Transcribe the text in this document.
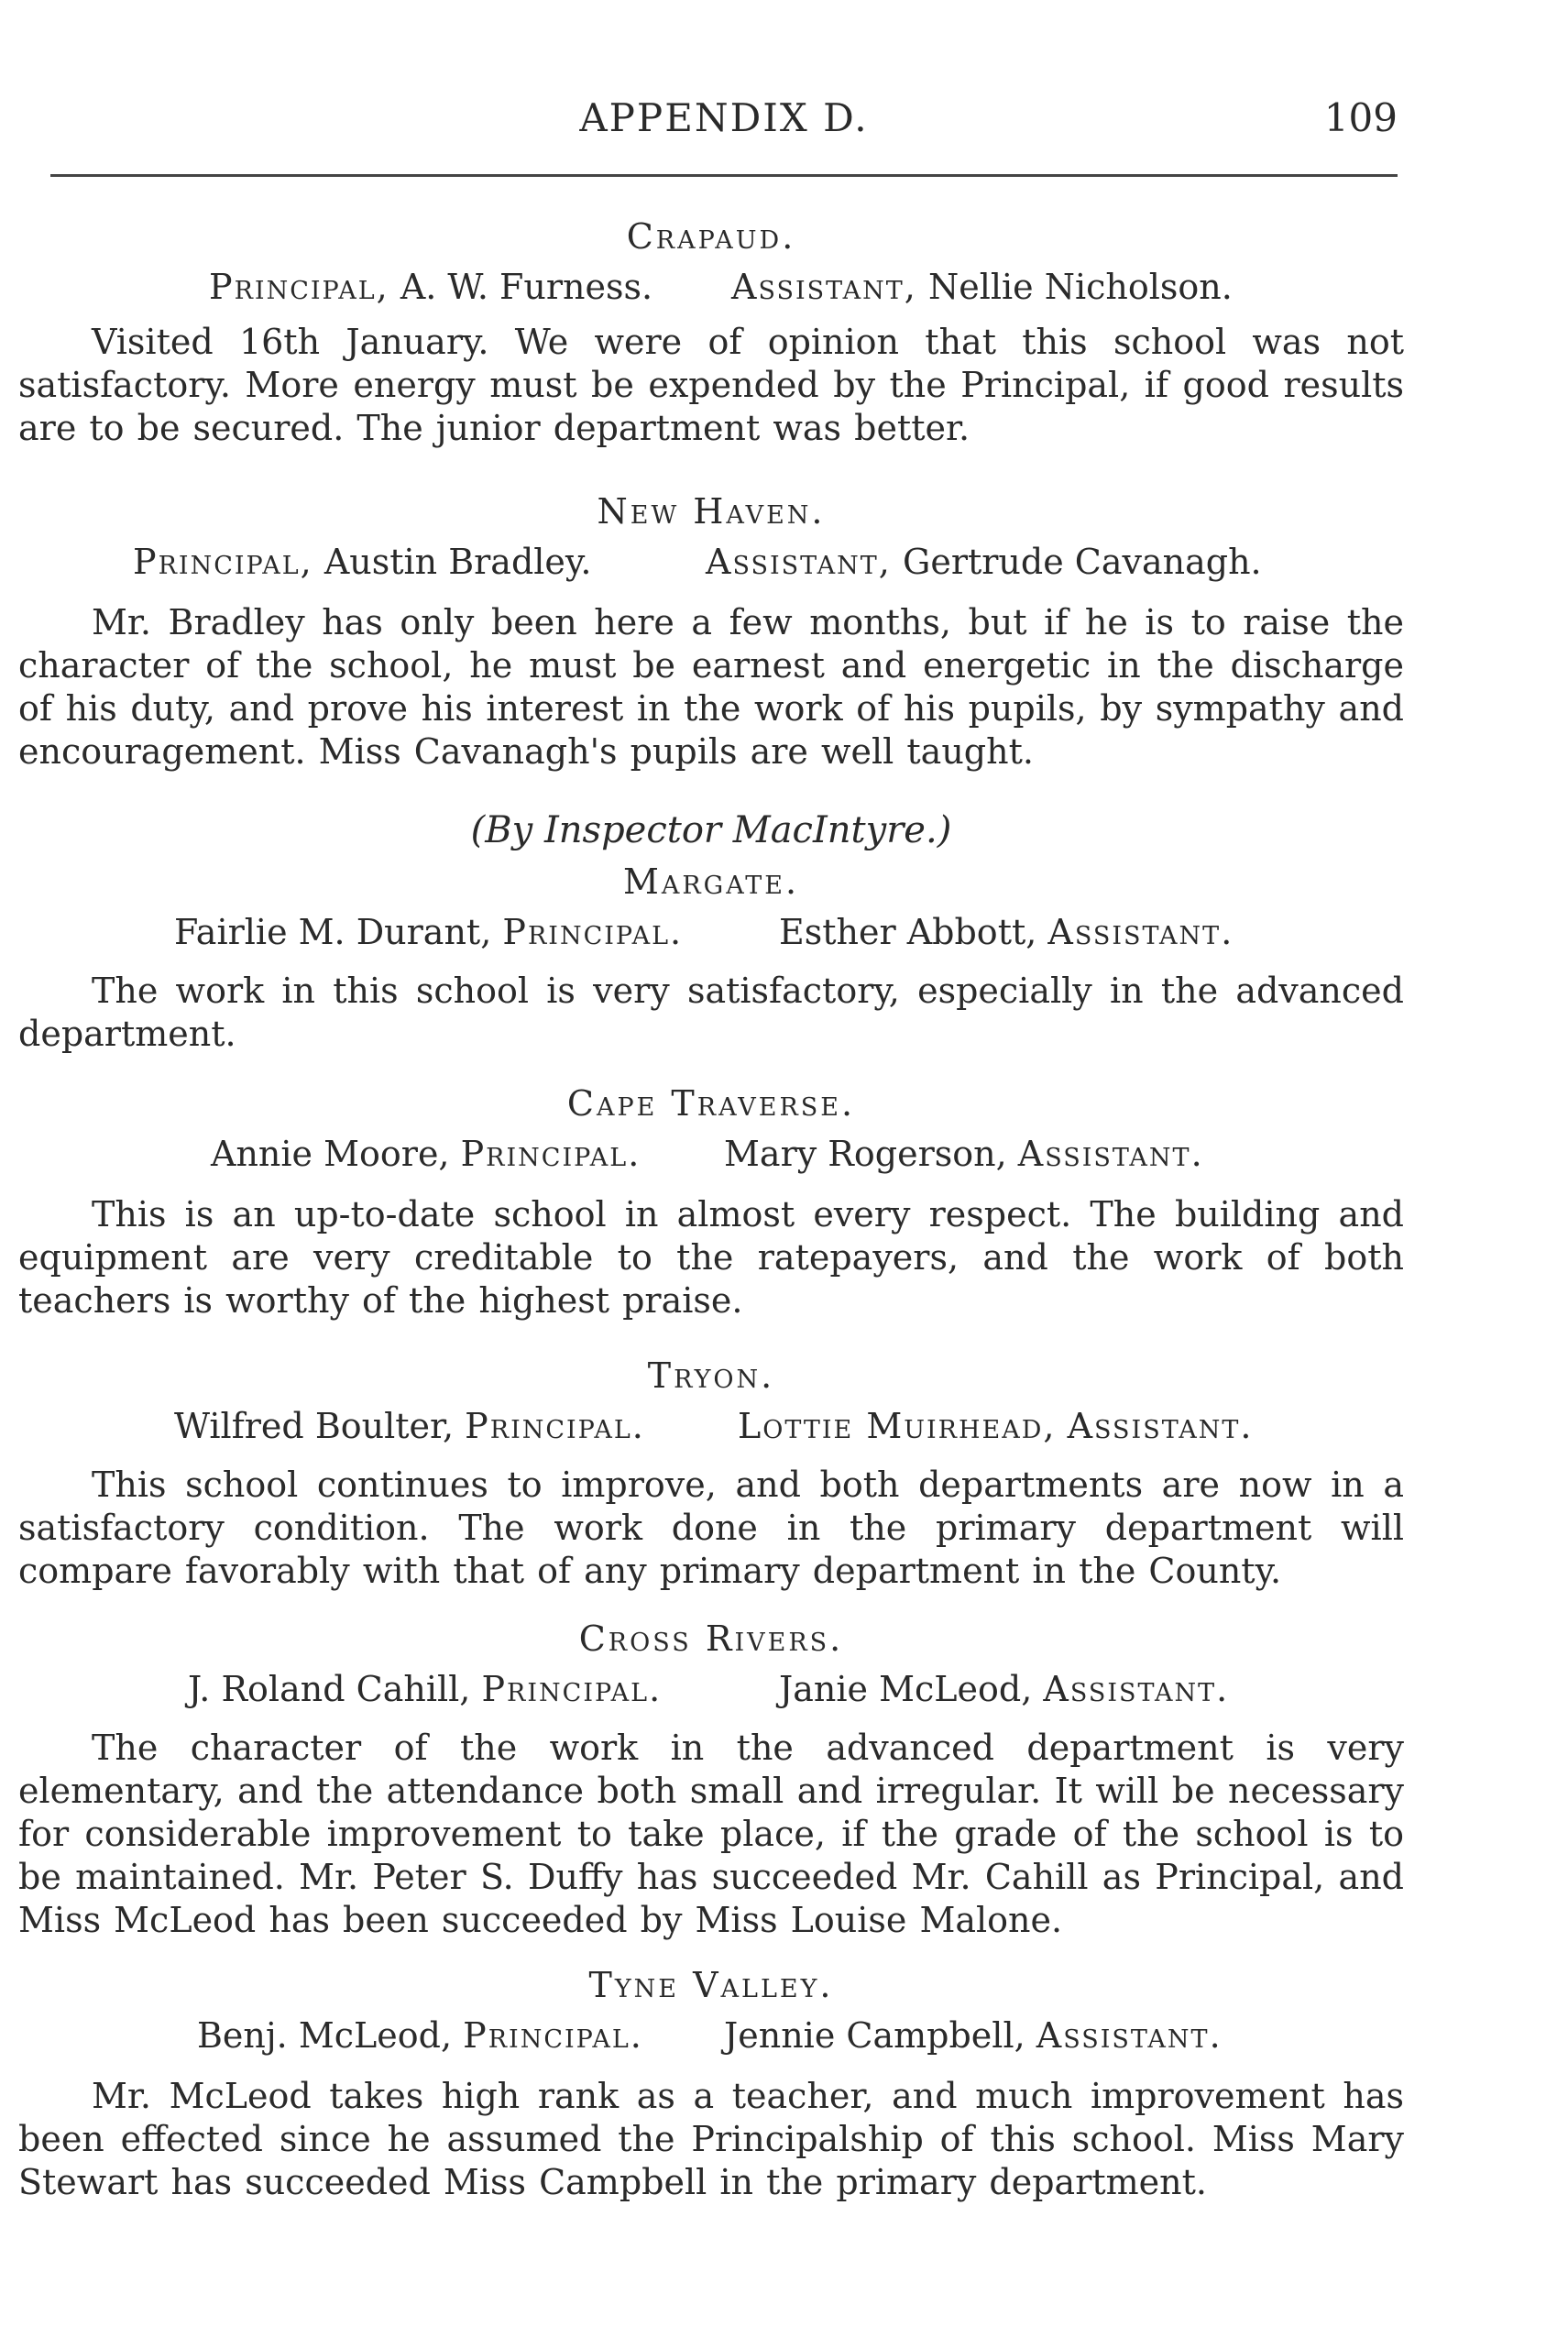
APPENDIX D.	109
Crapaud.
Principal, A. W. Furness. Assistant, Nellie Nicholson.

Visited 16th January. We were of opinion that this school was not satisfactory. More energy must be expended by the Principal, if good results are to be secured. The junior department was better.

New Haven.
Principal, Austin Bradley.	Assistant, Gertrude Cavanagh.

Mr. Bradley has only been here a few months, but if he is to raise the character of the school, he must be earnest and energetic in the discharge of his duty, and prove his interest in the work of his pupils, by sympathy and encouragement. Miss Cavanagh's pupils are well taught.

(By Inspector MacIntyre.)
Margate.
Fairlie M. Durant, Principal.	Esther Abbott, Assistant.

The work in this school is very satisfactory, especially in the advanced department.

Cape Traverse.
Annie Moore, Principal. Mary Rogerson, Assistant.

This is an up-to-date school in almost every respect. The building and equipment are very creditable to the ratepayers, and the work of both teachers is worthy of the highest praise.

Tryon.
Wilfred Boulter, Principal.	Lottie Muirhead, Assistant.

This school continues to improve, and both departments are now in a satisfactory condition. The work done in the primary department will compare favorably with that of any primary department in the County.

Cross Rivers.
J. Roland Cahill, Principal.	Janie McLeod, Assistant.

The character of the work in the advanced department is very elementary, and the attendance both small and irregular. It will be necessary for considerable improvement to take place, if the grade of the school is to be maintained. Mr. Peter S. Duffy has succeeded Mr. Cahill as Principal, and Miss McLeod has been succeeded by Miss Louise Malone.

Tyne Valley.
Benj. McLeod, Principal. Jennie Campbell, Assistant.

Mr. McLeod takes high rank as a teacher, and much improvement has been effected since he assumed the Principalship of this school. Miss Mary Stewart has succeeded Miss Campbell in the primary department.
